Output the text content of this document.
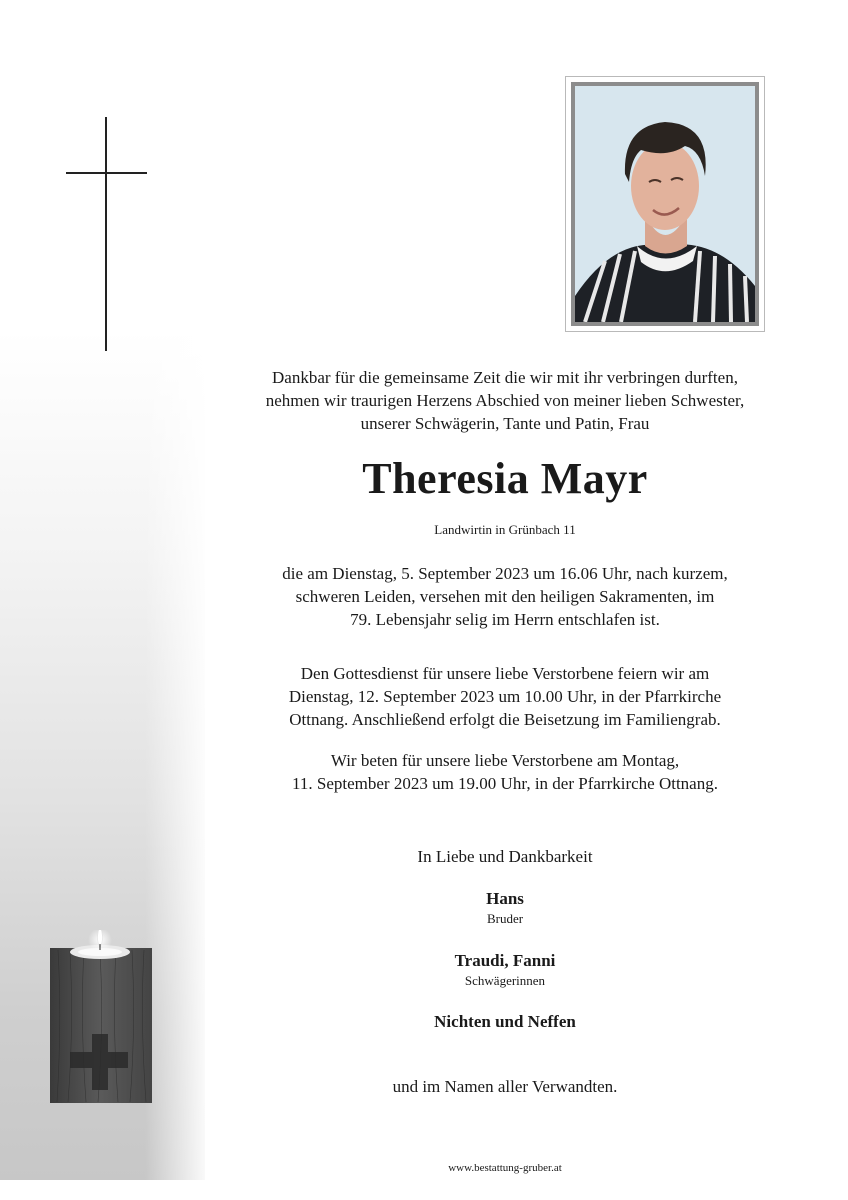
Dankbar für die gemeinsame Zeit die wir mit ihr verbringen durften,
nehmen wir traurigen Herzens Abschied von meiner lieben Schwester,
unserer Schwägerin, Tante und Patin, Frau
Theresia Mayr
Landwirtin in Grünbach 11
die am Dienstag, 5. September 2023 um 16.06 Uhr, nach kurzem,
schweren Leiden, versehen mit den heiligen Sakramenten, im
79. Lebensjahr selig im Herrn entschlafen ist.
Den Gottesdienst für unsere liebe Verstorbene feiern wir am
Dienstag, 12. September 2023 um 10.00 Uhr, in der Pfarrkirche
Ottnang. Anschließend erfolgt die Beisetzung im Familiengrab.
Wir beten für unsere liebe Verstorbene am Montag,
11. September 2023 um 19.00 Uhr, in der Pfarrkirche Ottnang.
In Liebe und Dankbarkeit
Hans
Bruder
Traudi, Fanni
Schwägerinnen
Nichten und Neffen
und im Namen aller Verwandten.
www.bestattung-gruber.at
